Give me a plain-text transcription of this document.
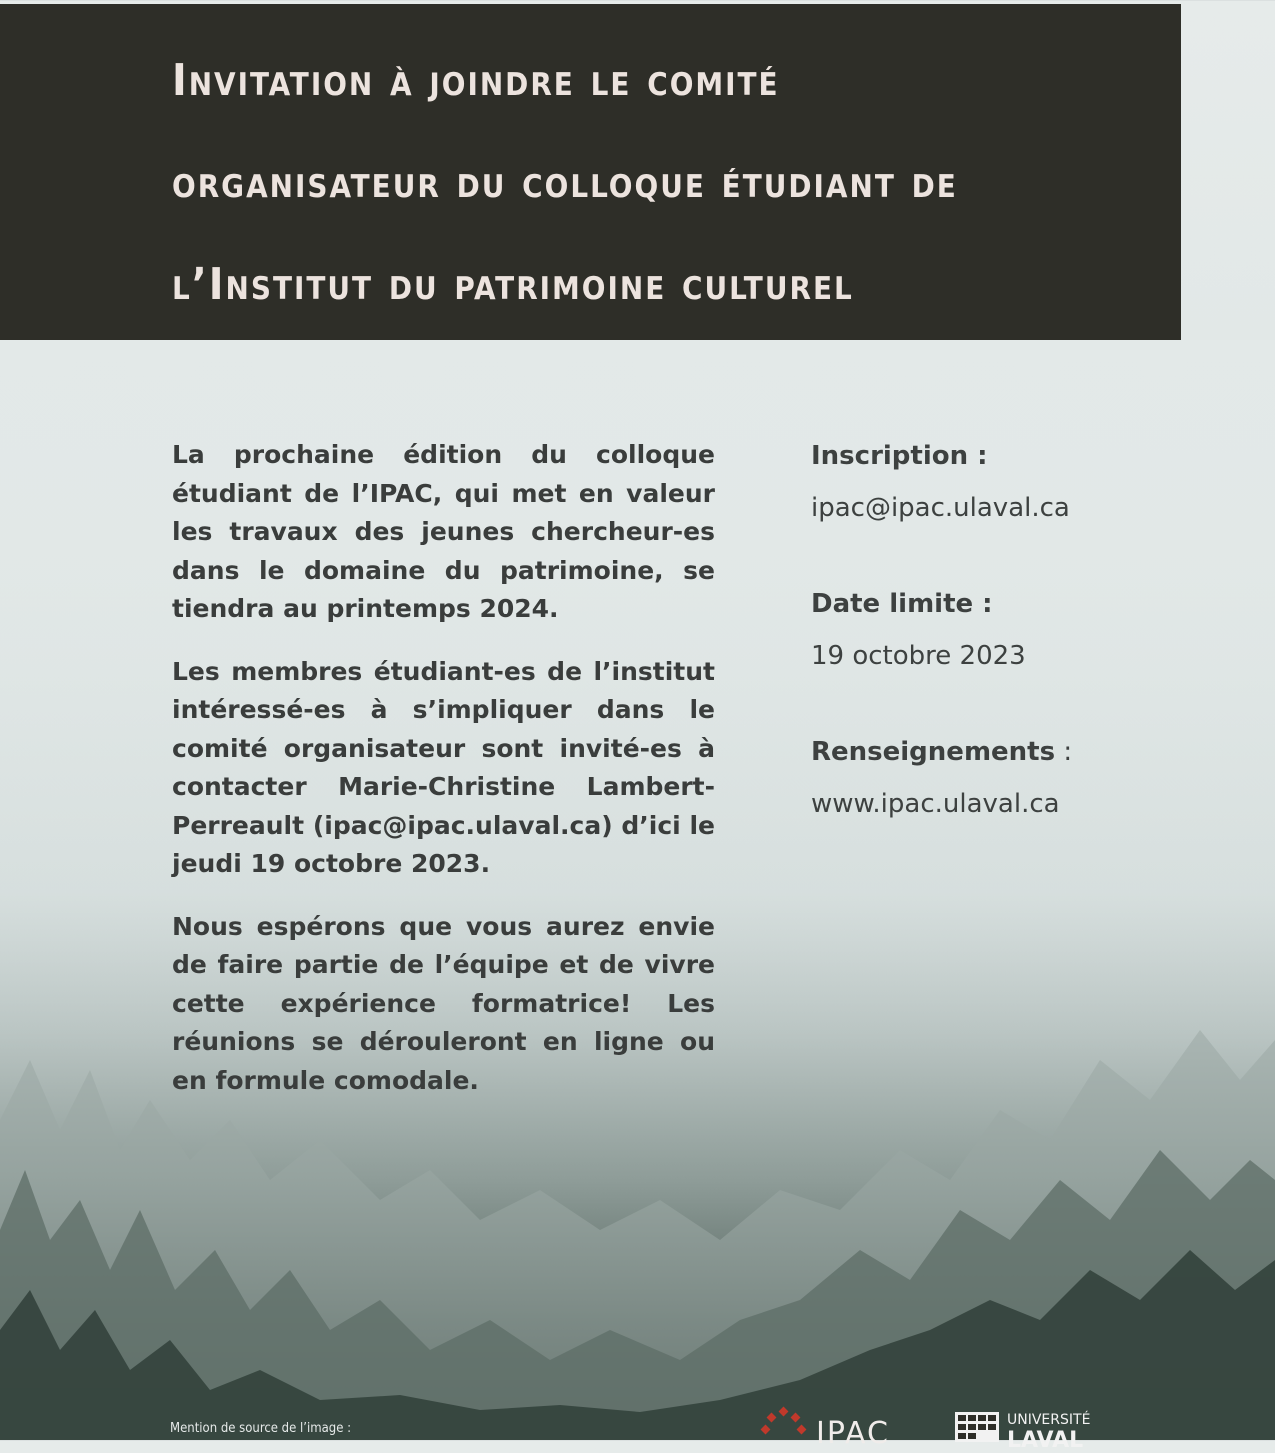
Invitation à joindre le comité
organisateur du colloque étudiant de
l’Institut du patrimoine culturel

La prochaine édition du colloque étudiant de l’IPAC, qui met en valeur les travaux des jeunes chercheur-es dans le domaine du patrimoine, se tiendra au printemps 2024.

Les membres étudiant-es de l’institut intéressé-es à s’impliquer dans le comité organisateur sont invité-es à contacter Marie-Christine Lambert-Perreault (ipac@ipac.ulaval.ca) d’ici le jeudi 19 octobre 2023.

Nous espérons que vous aurez envie de faire partie de l’équipe et de vivre cette expérience formatrice! Les réunions se dérouleront en ligne ou en formule comodale.

Inscription :
ipac@ipac.ulaval.ca
Date limite :
19 octobre 2023
Renseignements :
www.ipac.ulaval.ca
Mention de source de l’image :	IPAC	UNIVERSITÉ
LAVAL
